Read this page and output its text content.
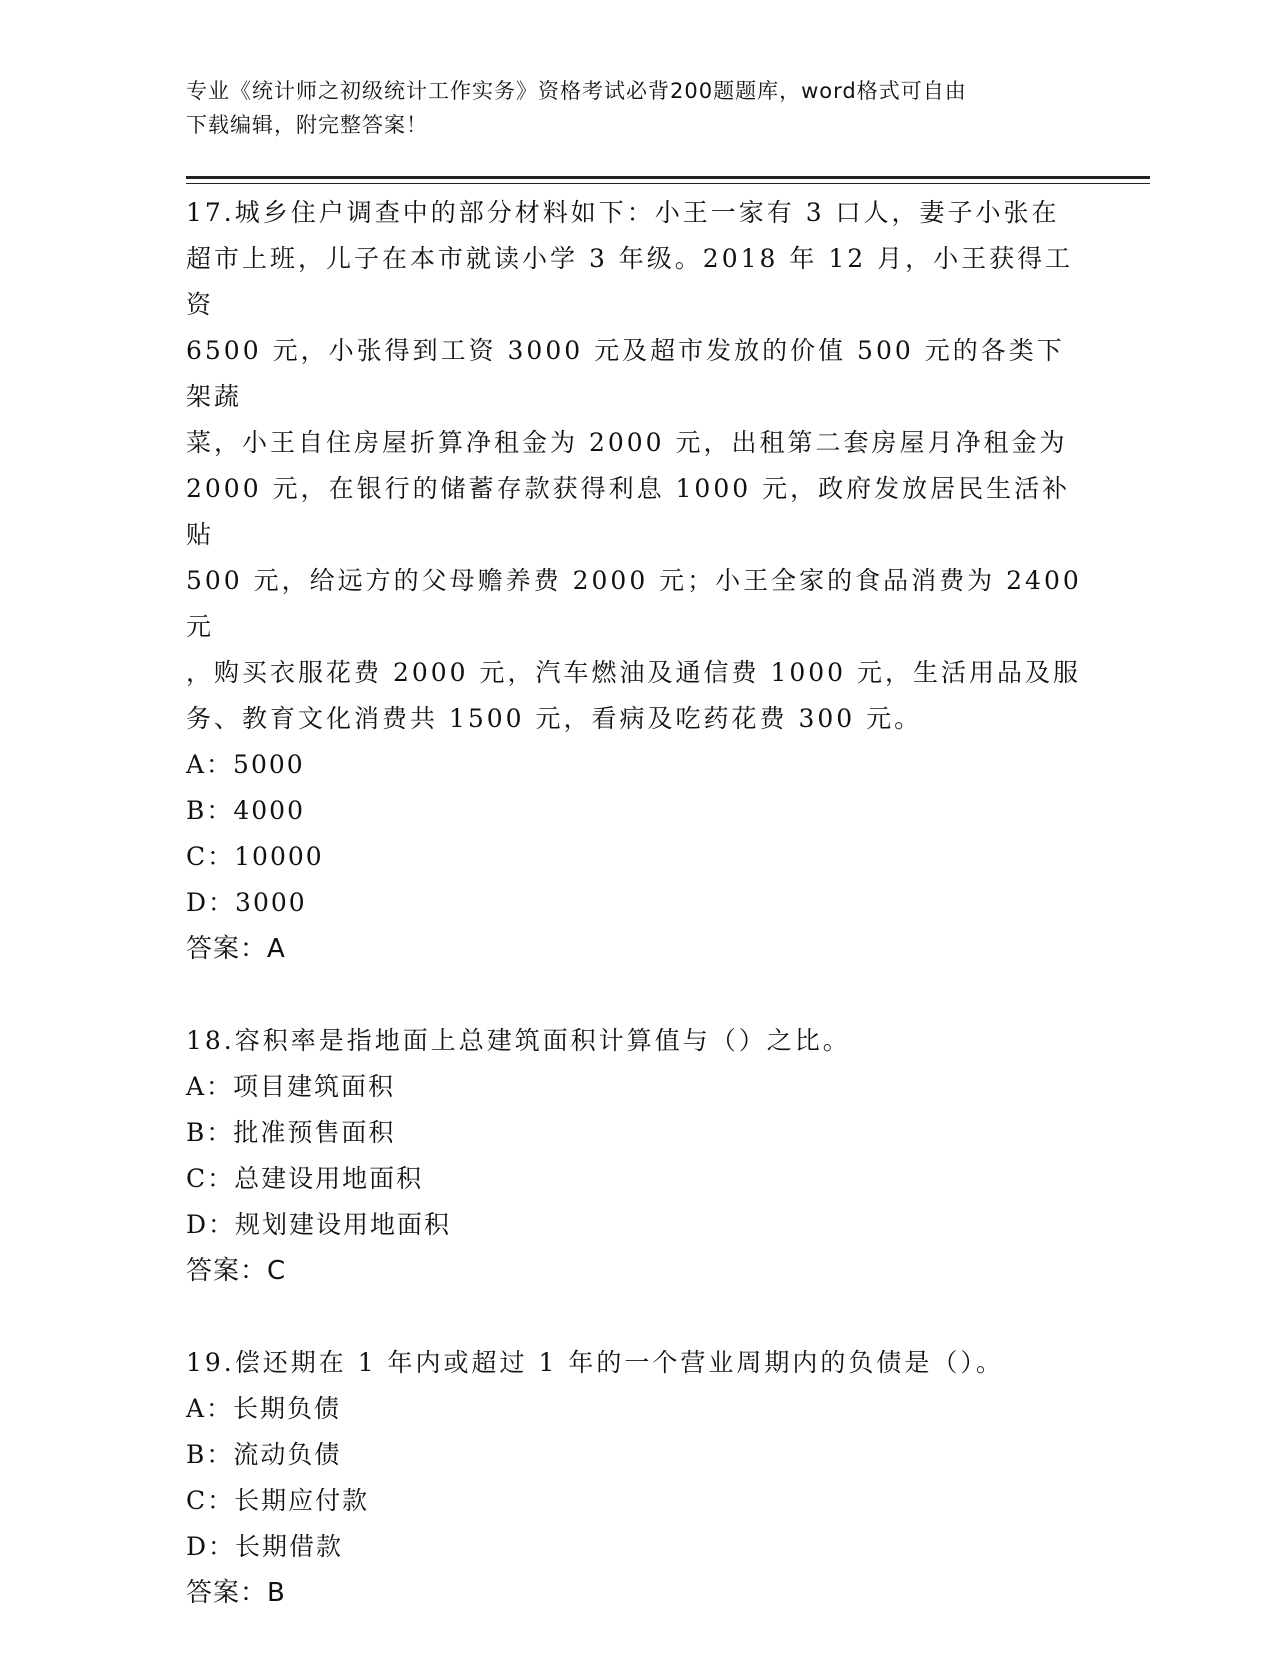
专业《统计师之初级统计工作实务》资格考试必背200题题库，word格式可自由
下载编辑，附完整答案！

17.城乡住户调查中的部分材料如下：小王一家有 3 口人，妻子小张在

超市上班，儿子在本市就读小学 3 年级。2018 年 12 月，小王获得工资

6500 元，小张得到工资 3000 元及超市发放的价值 500 元的各类下架蔬

菜，小王自住房屋折算净租金为 2000 元，出租第二套房屋月净租金为

2000 元，在银行的储蓄存款获得利息 1000 元，政府发放居民生活补贴

500 元，给远方的父母赡养费 2000 元；小王全家的食品消费为 2400 元

，购买衣服花费 2000 元，汽车燃油及通信费 1000 元，生活用品及服

务、教育文化消费共 1500 元，看病及吃药花费 300 元。

A：5000

B：4000

C：10000

D：3000

答案：A

18.容积率是指地面上总建筑面积计算值与（）之比。

A：项目建筑面积

B：批准预售面积

C：总建设用地面积

D：规划建设用地面积

答案：C

19.偿还期在 1 年内或超过 1 年的一个营业周期内的负债是（）。

A：长期负债

B：流动负债

C：长期应付款

D：长期借款

答案：B
